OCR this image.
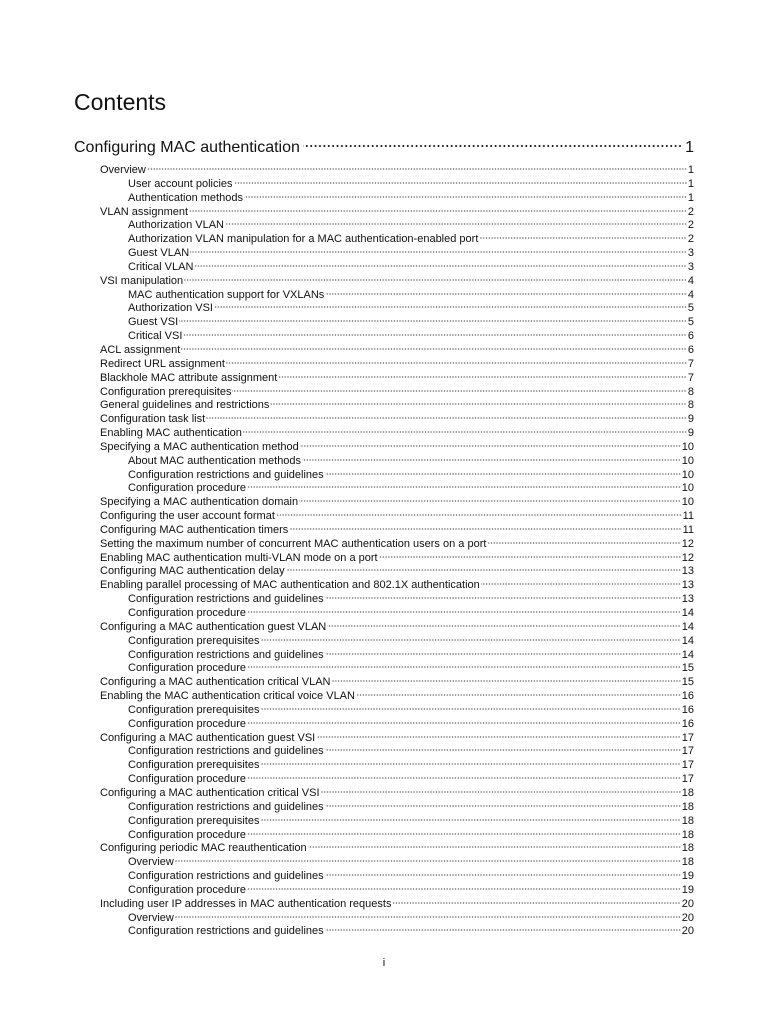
Contents
Configuring MAC authentication	1
Overview	1
User account policies	1
Authentication methods	1
VLAN assignment	2
Authorization VLAN	2
Authorization VLAN manipulation for a MAC authentication-enabled port	2
Guest VLAN	3
Critical VLAN	3
VSI manipulation	4
MAC authentication support for VXLANs	4
Authorization VSI	5
Guest VSI	5
Critical VSI	6
ACL assignment	6
Redirect URL assignment	7
Blackhole MAC attribute assignment	7
Configuration prerequisites	8
General guidelines and restrictions	8
Configuration task list	9
Enabling MAC authentication	9
Specifying a MAC authentication method	10
About MAC authentication methods	10
Configuration restrictions and guidelines	10
Configuration procedure	10
Specifying a MAC authentication domain	10
Configuring the user account format	11
Configuring MAC authentication timers	11
Setting the maximum number of concurrent MAC authentication users on a port	12
Enabling MAC authentication multi-VLAN mode on a port	12
Configuring MAC authentication delay	13
Enabling parallel processing of MAC authentication and 802.1X authentication	13
Configuration restrictions and guidelines	13
Configuration procedure	14
Configuring a MAC authentication guest VLAN	14
Configuration prerequisites	14
Configuration restrictions and guidelines	14
Configuration procedure	15
Configuring a MAC authentication critical VLAN	15
Enabling the MAC authentication critical voice VLAN	16
Configuration prerequisites	16
Configuration procedure	16
Configuring a MAC authentication guest VSI	17
Configuration restrictions and guidelines	17
Configuration prerequisites	17
Configuration procedure	17
Configuring a MAC authentication critical VSI	18
Configuration restrictions and guidelines	18
Configuration prerequisites	18
Configuration procedure	18
Configuring periodic MAC reauthentication	18
Overview	18
Configuration restrictions and guidelines	19
Configuration procedure	19
Including user IP addresses in MAC authentication requests	20
Overview	20
Configuration restrictions and guidelines	20
i
